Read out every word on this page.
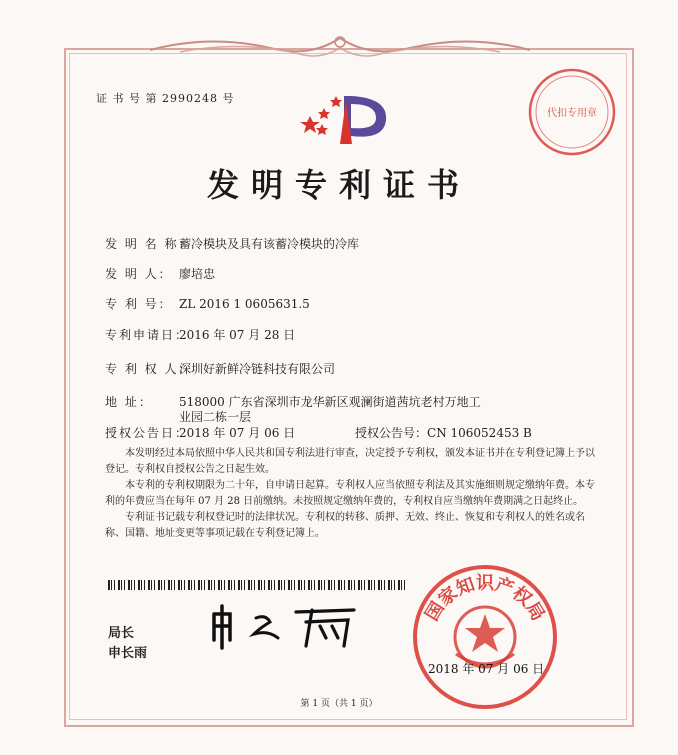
证 书 号 第 2990248 号
发明专利证书
发 明 名 称：蓄冷模块及具有该蓄冷模块的冷库
发 明 人： 廖培忠
专 利 号： ZL 2016 1 0605631.5
专利申请日：2016 年 07 月 28 日
专 利 权 人：深圳好新鲜冷链科技有限公司
地 址： 518000 广东省深圳市龙华新区观澜街道茜坑老村万地工
业园二栋一层
授权公告日：2018 年 07 月 06 日	授权公告号：CN 106052453 B

本发明经过本局依照中华人民共和国专利法进行审查，决定授予专利权，颁发本证书并在专利登记簿上予以登记。专利权自授权公告之日起生效。

本专利的专利权期限为二十年，自申请日起算。专利权人应当依照专利法及其实施细则规定缴纳年费。本专利的年费应当在每年 07 月 28 日前缴纳。未按照规定缴纳年费的，专利权自应当缴纳年费期满之日起终止。

专利证书记载专利权登记时的法律状况。专利权的转移、质押、无效、终止、恢复和专利权人的姓名或名称、国籍、地址变更等事项记载在专利登记簿上。

局长
申长雨
国家知识产权局
2018 年 07 月 06 日
代扣专用章
第 1 页（共 1 页）
